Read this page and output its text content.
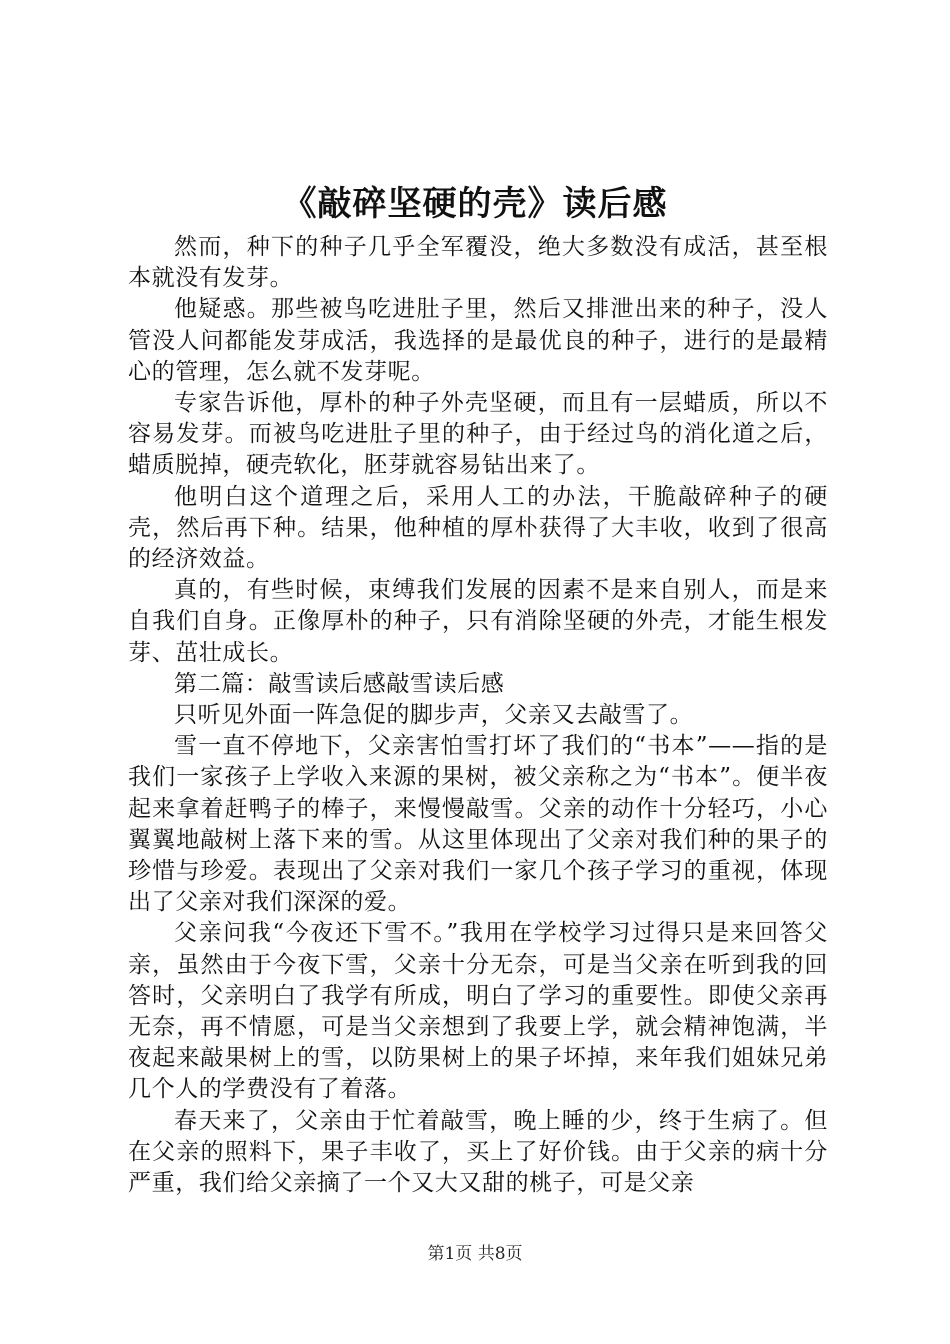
《敲碎坚硬的壳》读后感

然而，种下的种子几乎全军覆没，绝大多数没有成活，甚至根本就没有发芽。

他疑惑。那些被鸟吃进肚子里，然后又排泄出来的种子，没人管没人问都能发芽成活，我选择的是最优良的种子，进行的是最精心的管理，怎么就不发芽呢。

专家告诉他，厚朴的种子外壳坚硬，而且有一层蜡质，所以不容易发芽。而被鸟吃进肚子里的种子，由于经过鸟的消化道之后，蜡质脱掉，硬壳软化，胚芽就容易钻出来了。

他明白这个道理之后，采用人工的办法，干脆敲碎种子的硬壳，然后再下种。结果，他种植的厚朴获得了大丰收，收到了很高的经济效益。

真的，有些时候，束缚我们发展的因素不是来自别人，而是来自我们自身。正像厚朴的种子，只有消除坚硬的外壳，才能生根发芽、茁壮成长。

第二篇：敲雪读后感敲雪读后感

只听见外面一阵急促的脚步声，父亲又去敲雪了。

雪一直不停地下，父亲害怕雪打坏了我们的“书本”——指的是我们一家孩子上学收入来源的果树，被父亲称之为“书本”。便半夜起来拿着赶鸭子的棒子，来慢慢敲雪。父亲的动作十分轻巧，小心翼翼地敲树上落下来的雪。从这里体现出了父亲对我们种的果子的珍惜与珍爱。表现出了父亲对我们一家几个孩子学习的重视，体现出了父亲对我们深深的爱。

父亲问我“今夜还下雪不。”我用在学校学习过得只是来回答父亲，虽然由于今夜下雪，父亲十分无奈，可是当父亲在听到我的回答时，父亲明白了我学有所成，明白了学习的重要性。即使父亲再无奈，再不情愿，可是当父亲想到了我要上学，就会精神饱满，半夜起来敲果树上的雪，以防果树上的果子坏掉，来年我们姐妹兄弟几个人的学费没有了着落。

春天来了，父亲由于忙着敲雪，晚上睡的少，终于生病了。但在父亲的照料下，果子丰收了，买上了好价钱。由于父亲的病十分严重，我们给父亲摘了一个又大又甜的桃子，可是父亲

第1页 共8页
